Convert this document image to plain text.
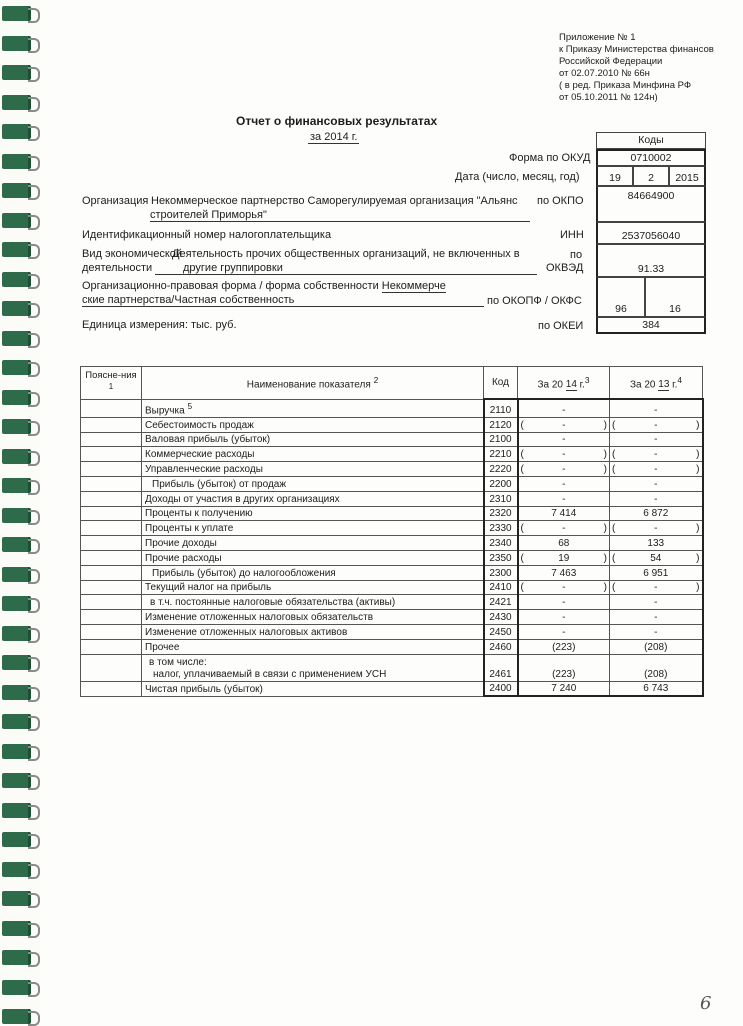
Приложение № 1
к Приказу Министерства финансов
Российской Федерации
от 02.07.2010 № 66н
( в ред. Приказа Минфина РФ
от 05.10.2011 № 124н)
Отчет о финансовых результатах
за 2014 г.	Коды
Форма по ОКУД	0710002
Дата (число, месяц, год)	19	2	2015
Организация Некоммерческое партнерство Саморегулируемая организация "Альянс
строителей Приморья"
по ОКПО	84664900
Идентификационный номер налогоплательщика	ИНН	2537056040
Вид экономической
деятельности
Деятельность прочих общественных организаций, не включенных в
другие группировки
по
ОКВЭД	91.33
Организационно-правовая форма / форма собственности Некоммерче
ские партнерства/Частная собственность	по ОКОПФ / ОКФС
96	16
Единица измерения: тыс. руб.	по ОКЕИ	384
Поясне-ния $^1$	Наименование показателя $^2$	Код	За 20 14 г.$^3$	За 20 13 г.$^4$
	Выручка $^5$	2110	-	-
	Себестоимость продаж	2120	( - )	( - )

	Валовая прибыль (убыток)	2100	-	-
	Коммерческие расходы	2210	( - )	( - )

	Управленческие расходы	2220	( - )	( - )

	Прибыль (убыток) от продаж	2200	-	-
	Доходы от участия в других организациях	2310	-	-
	Проценты к получению	2320	7 414	6 872
	Проценты к уплате	2330	( - )	( - )

	Прочие доходы	2340	68	133
	Прочие расходы	2350	( 19 )	( 54 )

	Прибыль (убыток) до налогообложения	2300	7 463	6 951
	Текущий налог на прибыль	2410	( - )	( - )

	в т.ч. постоянные налоговые обязательства (активы)	2421	-	-
	Изменение отложенных налоговых обязательств	2430	-	-
	Изменение отложенных налоговых активов	2450	-	-
	Прочее	2460	(223)	(208)

	в том числе:
налог, уплачиваемый в связи с применением УСН	2461	(223)	(208)
	Чистая прибыль (убыток)	2400	7 240	6 743
6
